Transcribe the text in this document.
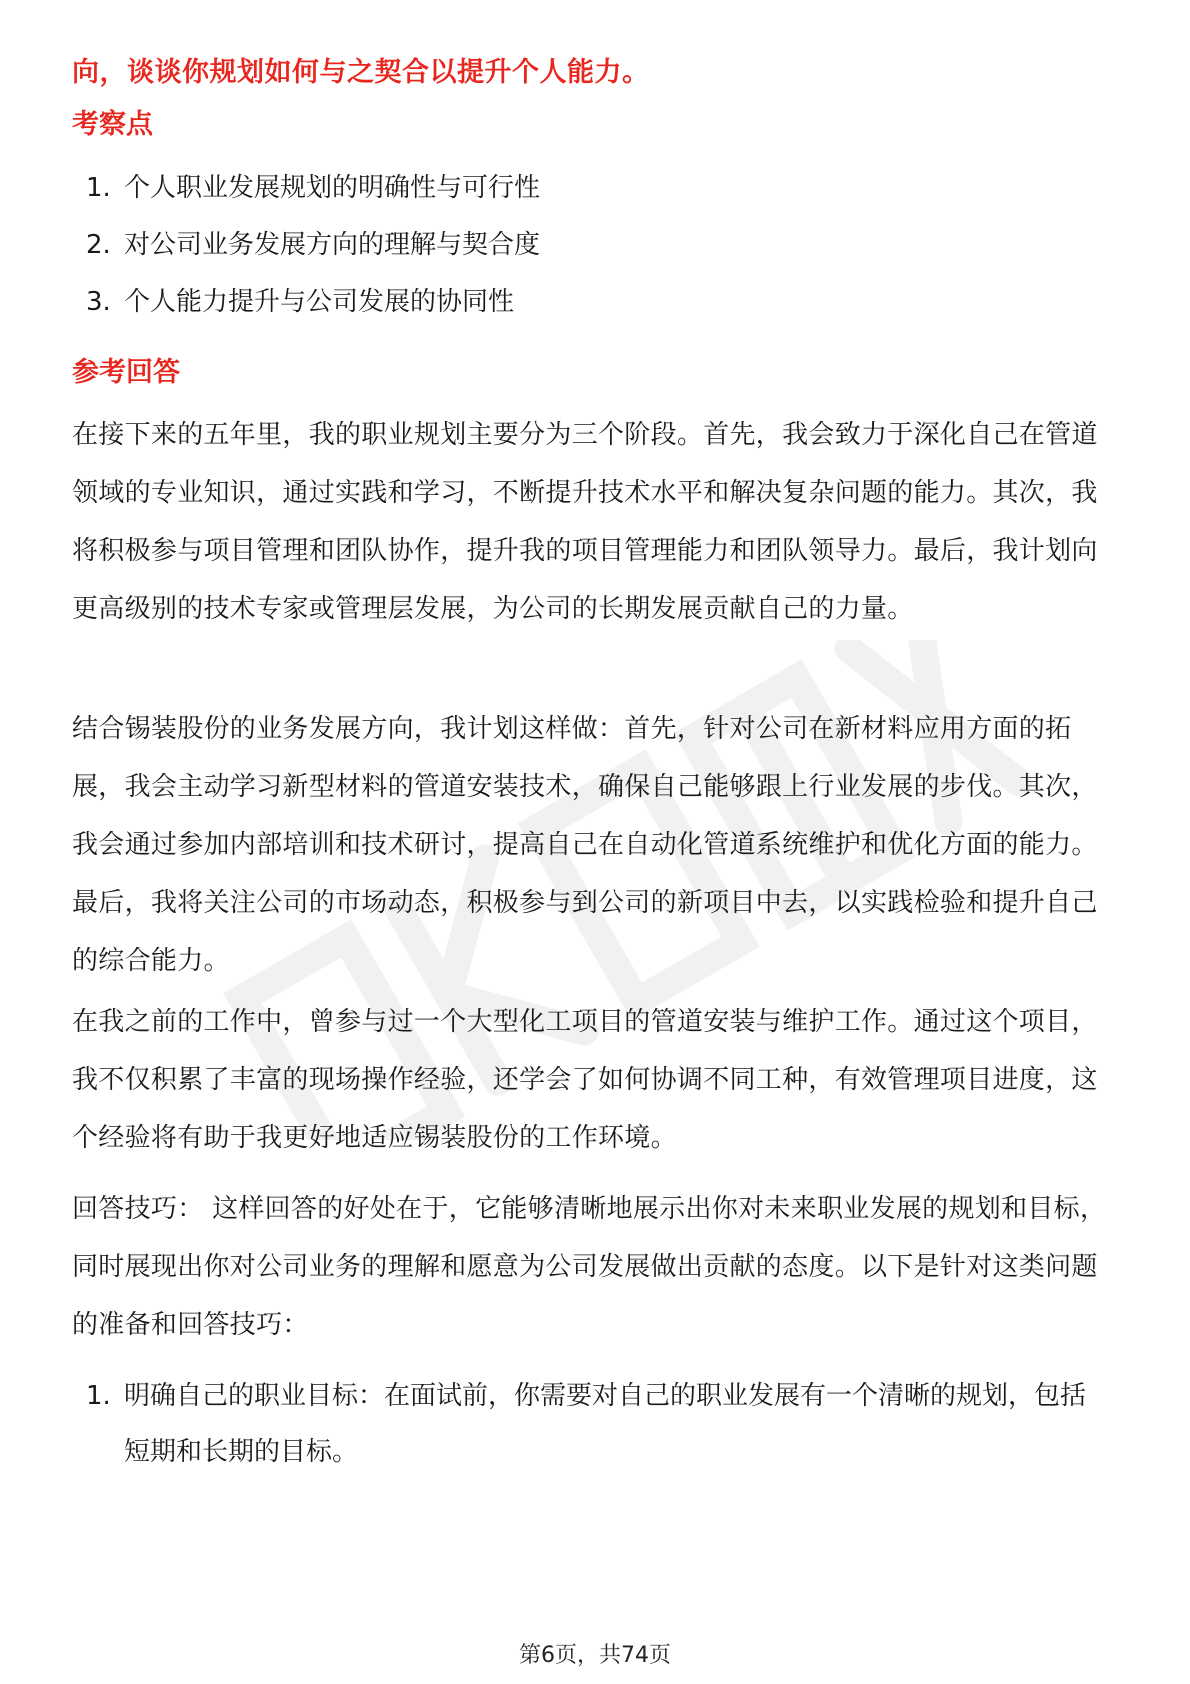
向，谈谈你规划如何与之契合以提升个人能力。
考察点
1. 个人职业发展规划的明确性与可行性
2. 对公司业务发展方向的理解与契合度
3. 个人能力提升与公司发展的协同性
参考回答

在接下来的五年里，我的职业规划主要分为三个阶段。首先，我会致力于深化自己在管道领域的专业知识，通过实践和学习，不断提升技术水平和解决复杂问题的能力。其次，我将积极参与项目管理和团队协作，提升我的项目管理能力和团队领导力。最后，我计划向更高级别的技术专家或管理层发展，为公司的长期发展贡献自己的力量。

结合锡装股份的业务发展方向，我计划这样做：首先，针对公司在新材料应用方面的拓展，我会主动学习新型材料的管道安装技术，确保自己能够跟上行业发展的步伐。其次，我会通过参加内部培训和技术研讨，提高自己在自动化管道系统维护和优化方面的能力。最后，我将关注公司的市场动态，积极参与到公司的新项目中去，以实践检验和提升自己的综合能力。

在我之前的工作中，曾参与过一个大型化工项目的管道安装与维护工作。通过这个项目，我不仅积累了丰富的现场操作经验，还学会了如何协调不同工种，有效管理项目进度，这个经验将有助于我更好地适应锡装股份的工作环境。

回答技巧： 这样回答的好处在于，它能够清晰地展示出你对未来职业发展的规划和目标，同时展现出你对公司业务的理解和愿意为公司发展做出贡献的态度。以下是针对这类问题的准备和回答技巧：

1. 明确自己的职业目标：在面试前，你需要对自己的职业发展有一个清晰的规划，包括短期和长期的目标。
第6页，共74页
